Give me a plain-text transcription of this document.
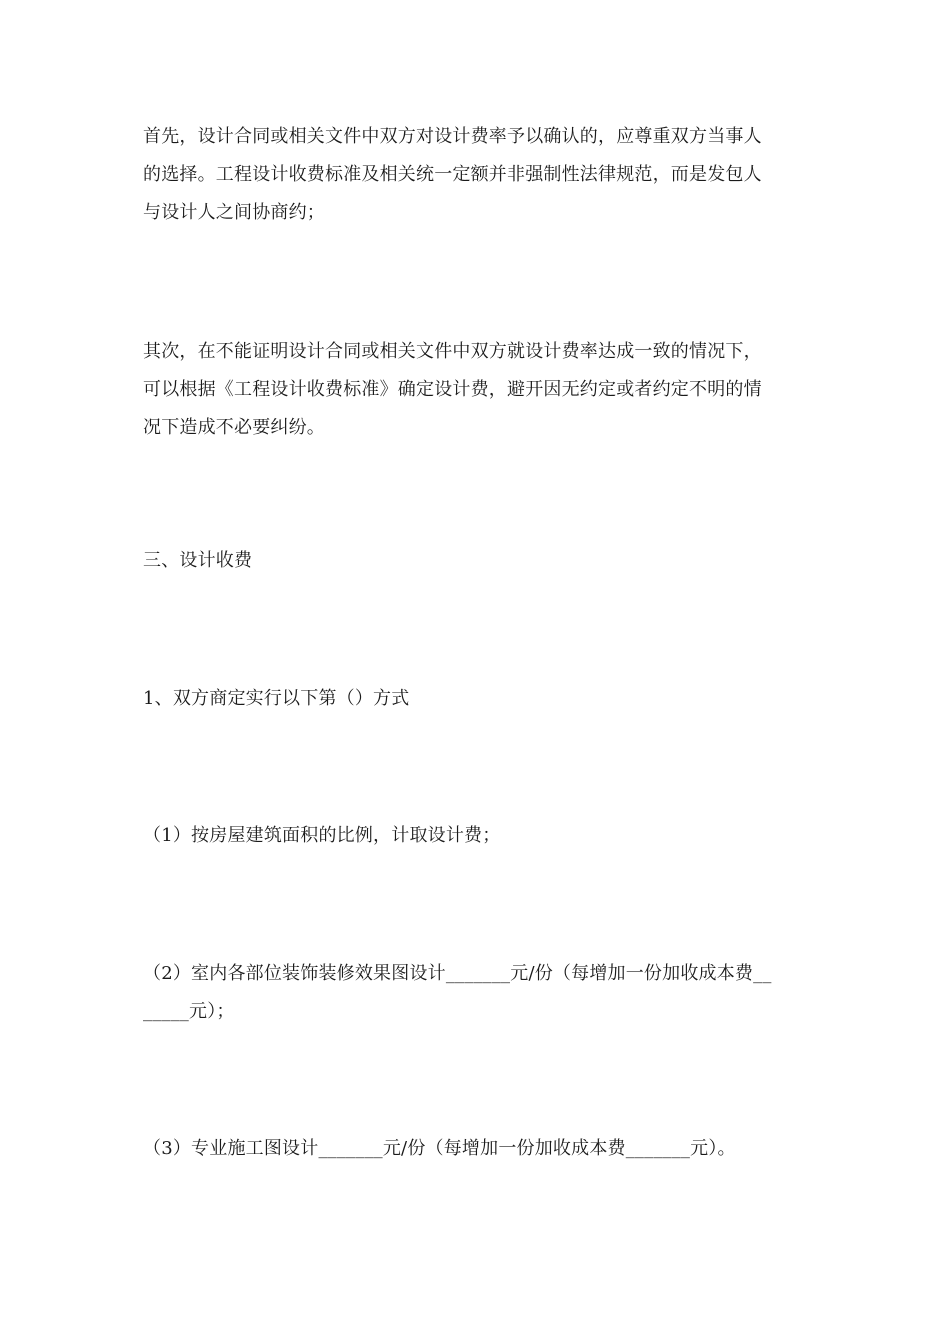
首先，设计合同或相关文件中双方对设计费率予以确认的，应尊重双方当事人
的选择。工程设计收费标准及相关统一定额并非强制性法律规范，而是发包人
与设计人之间协商约；

其次，在不能证明设计合同或相关文件中双方就设计费率达成一致的情况下，
可以根据《工程设计收费标准》确定设计费，避开因无约定或者约定不明的情
况下造成不必要纠纷。

三、设计收费

1、双方商定实行以下第（）方式

（1）按房屋建筑面积的比例，计取设计费；

（2）室内各部位装饰装修效果图设计_______元/份（每增加一份加收成本费__
_____元）；

（3）专业施工图设计_______元/份（每增加一份加收成本费_______元）。
